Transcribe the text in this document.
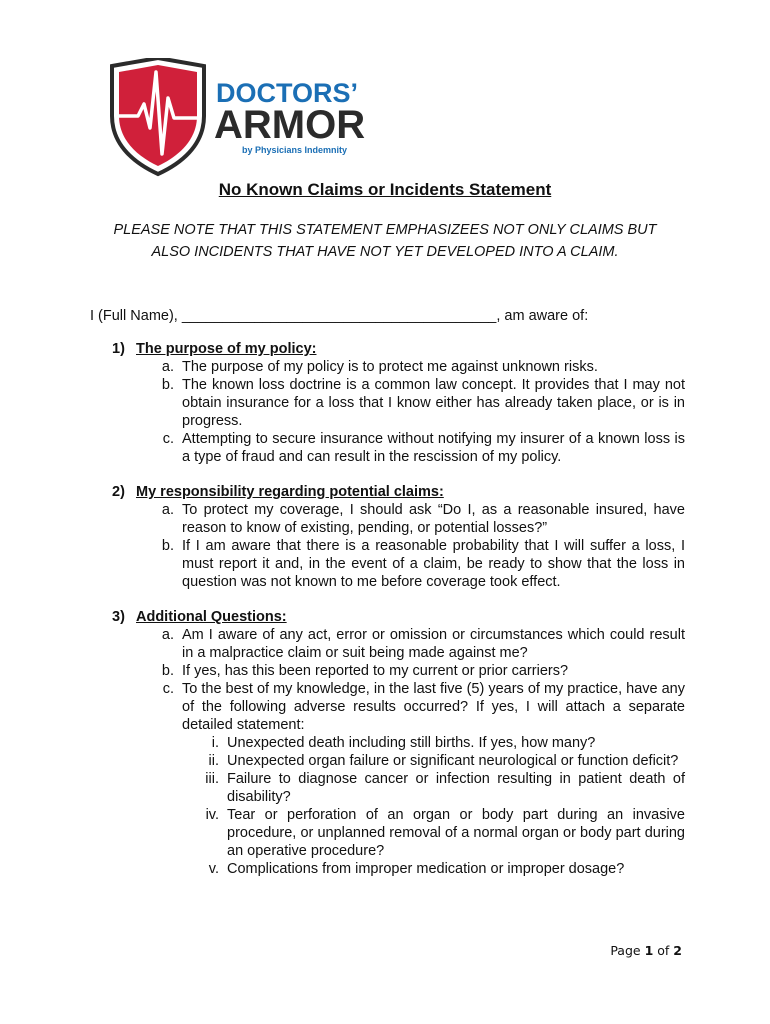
DOCTORS’
ARMOR
by Physicians Indemnity
No Known Claims or Incidents Statement
PLEASE NOTE THAT THIS STATEMENT EMPHASIZEES NOT ONLY CLAIMS BUT
ALSO INCIDENTS THAT HAVE NOT YET DEVELOPED INTO A CLAIM.
I (Full Name), _______________________________________, am aware of:
1) The purpose of my policy:
a. The purpose of my policy is to protect me against unknown risks.
b. The known loss doctrine is a common law concept. It provides that I may not obtain insurance for a loss that I know either has already taken place, or is in progress.
c. Attempting to secure insurance without notifying my insurer of a known loss is a type of fraud and can result in the rescission of my policy.
2) My responsibility regarding potential claims:
a. To protect my coverage, I should ask “Do I, as a reasonable insured, have reason to know of existing, pending, or potential losses?”
b. If I am aware that there is a reasonable probability that I will suffer a loss, I must report it and, in the event of a claim, be ready to show that the loss in question was not known to me before coverage took effect.
3) Additional Questions:
a. Am I aware of any act, error or omission or circumstances which could result in a malpractice claim or suit being made against me?
b. If yes, has this been reported to my current or prior carriers?
c. To the best of my knowledge, in the last five (5) years of my practice, have any of the following adverse results occurred? If yes, I will attach a separate detailed statement:
i. Unexpected death including still births. If yes, how many?
ii. Unexpected organ failure or significant neurological or function deficit?
iii. Failure to diagnose cancer or infection resulting in patient death of disability?
iv. Tear or perforation of an organ or body part during an invasive procedure, or unplanned removal of a normal organ or body part during an operative procedure?
v. Complications from improper medication or improper dosage?
Page 1 of 2
